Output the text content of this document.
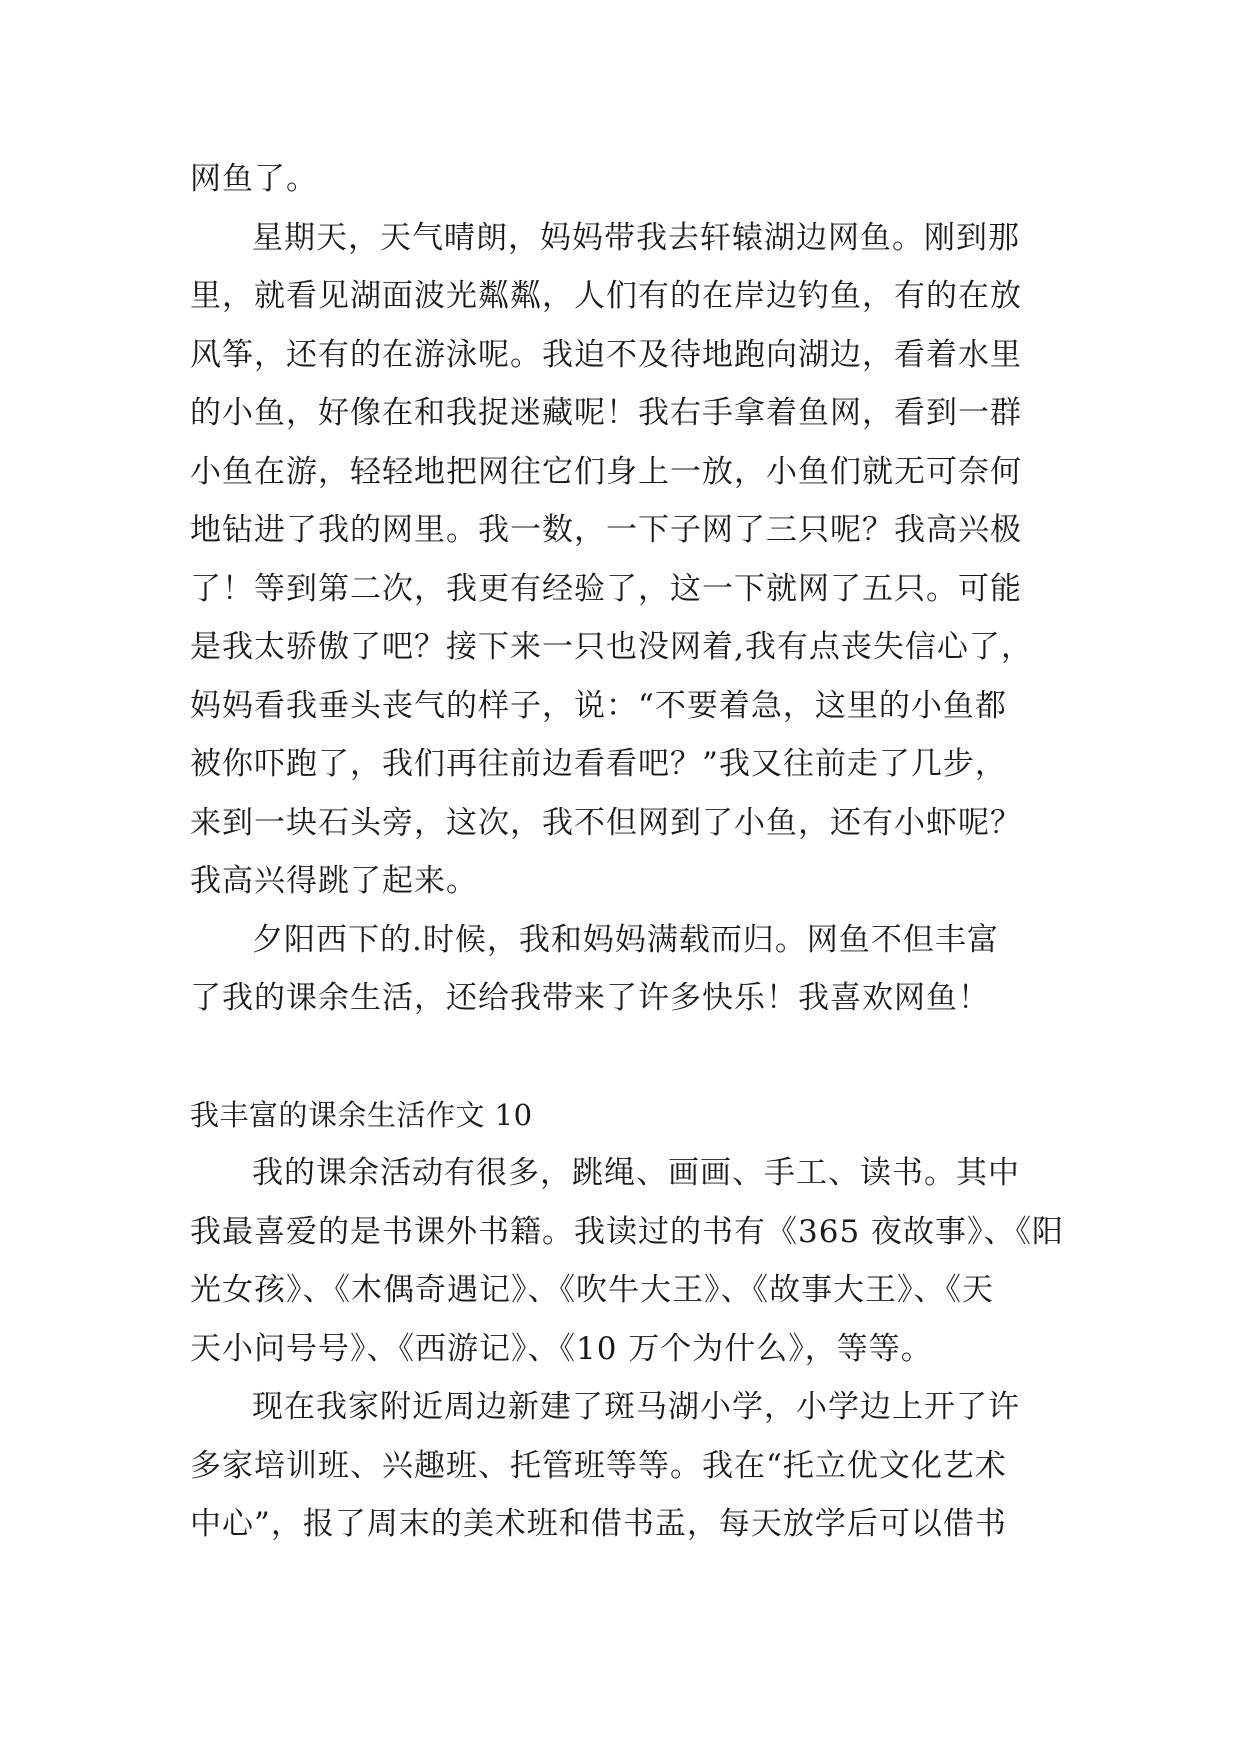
网鱼了。
星期天，天气晴朗，妈妈带我去轩辕湖边网鱼。刚到那
里，就看见湖面波光粼粼，人们有的在岸边钓鱼，有的在放
风筝，还有的在游泳呢。我迫不及待地跑向湖边，看着水里
的小鱼，好像在和我捉迷藏呢！我右手拿着鱼网，看到一群
小鱼在游，轻轻地把网往它们身上一放，小鱼们就无可奈何
地钻进了我的网里。我一数，一下子网了三只呢？我高兴极
了！等到第二次，我更有经验了，这一下就网了五只。可能
是我太骄傲了吧？接下来一只也没网着,我有点丧失信心了，
妈妈看我垂头丧气的样子，说：“不要着急，这里的小鱼都
被你吓跑了，我们再往前边看看吧？”我又往前走了几步，
来到一块石头旁，这次，我不但网到了小鱼，还有小虾呢？
我高兴得跳了起来。
夕阳西下的.时候，我和妈妈满载而归。网鱼不但丰富
了我的课余生活，还给我带来了许多快乐！我喜欢网鱼！
我丰富的课余生活作文 10
我的课余活动有很多，跳绳、画画、手工、读书。其中
我最喜爱的是书课外书籍。我读过的书有《365 夜故事》、《阳
光女孩》、《木偶奇遇记》、《吹牛大王》、《故事大王》、《天
天小问号号》、《西游记》、《10 万个为什么》，等等。
现在我家附近周边新建了斑马湖小学，小学边上开了许
多家培训班、兴趣班、托管班等等。我在“托立优文化艺术
中心”，报了周末的美术班和借书盂，每天放学后可以借书
